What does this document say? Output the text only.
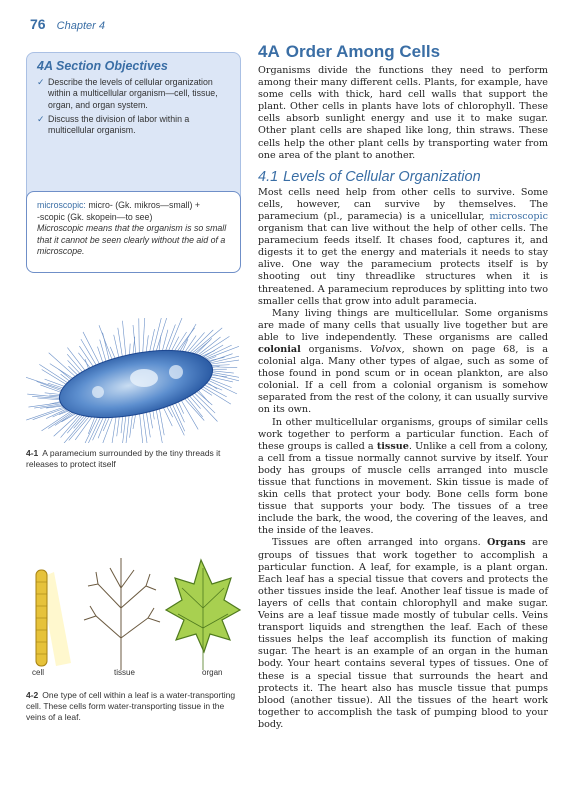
76 Chapter 4
4A Section Objectives
✓ Describe the levels of cellular organization within a multicellular organism—cell, tissue, organ, and organ system.
✓ Discuss the division of labor within a multicellular organism.
microscopic: micro- (Gk. mikros—small) +
-scopic (Gk. skopein—to see)
Microscopic means that the organism is so small that it cannot be seen clearly without the aid of a microscope.
4-1 A paramecium surrounded by the tiny threads it releases to protect itself
cell	tissue	organ
4-2 One type of cell within a leaf is a water-transporting cell. These cells form water-transporting tissue in the veins of a leaf.
4A Order Among Cells

Organisms divide the functions they need to perform among their many different cells. Plants, for example, have some cells with thick, hard cell walls that support the plant. Other cells in plants have lots of chlorophyll. These cells absorb sunlight energy and use it to make sugar. Other plant cells are shaped like long, thin straws. These cells help the other plant cells by transporting water from one area of the plant to another.

4.1 Levels of Cellular Organization

Most cells need help from other cells to survive. Some cells, however, can survive by themselves. The paramecium (pl., paramecia) is a unicellular, microscopic organism that can live without the help of other cells. The paramecium feeds itself. It chases food, captures it, and digests it to get the energy and materials it needs to stay alive. One way the paramecium protects itself is by shooting out tiny threadlike structures when it is threatened. A paramecium reproduces by splitting into two smaller cells that grow into adult paramecia.

Many living things are multicellular. Some organisms are made of many cells that usually live together but are able to live independently. These organisms are called colonial organisms. Volvox, shown on page 68, is a colonial alga. Many other types of algae, such as some of those found in pond scum or in ocean plankton, are also colonial. If a cell from a colonial organism is somehow separated from the rest of the colony, it can usually survive on its own.

In other multicellular organisms, groups of similar cells work together to perform a particular function. Each of these groups is called a tissue. Unlike a cell from a colony, a cell from a tissue normally cannot survive by itself. Your body has groups of muscle cells arranged into muscle tissue that functions in movement. Skin tissue is made of skin cells that protect your body. Bone cells form bone tissue that supports your body. The tissues of a tree include the bark, the wood, the covering of the leaves, and the inside of the leaves.

Tissues are often arranged into organs. Organs are groups of tissues that work together to accomplish a particular function. A leaf, for example, is a plant organ. Each leaf has a special tissue that covers and protects the other tissues inside the leaf. Another leaf tissue is made of layers of cells that contain chlorophyll and make sugar. Veins are a leaf tissue made mostly of tubular cells. Veins transport liquids and strengthen the leaf. Each of these tissues helps the leaf accomplish its function of making sugar. The heart is an example of an organ in the human body. Your heart contains several types of tissues. One of these is a special tissue that surrounds the heart and protects it. The heart also has muscle tissue that pumps blood (another tissue). All the tissues of the heart work together to accomplish the task of pumping blood to your body.
